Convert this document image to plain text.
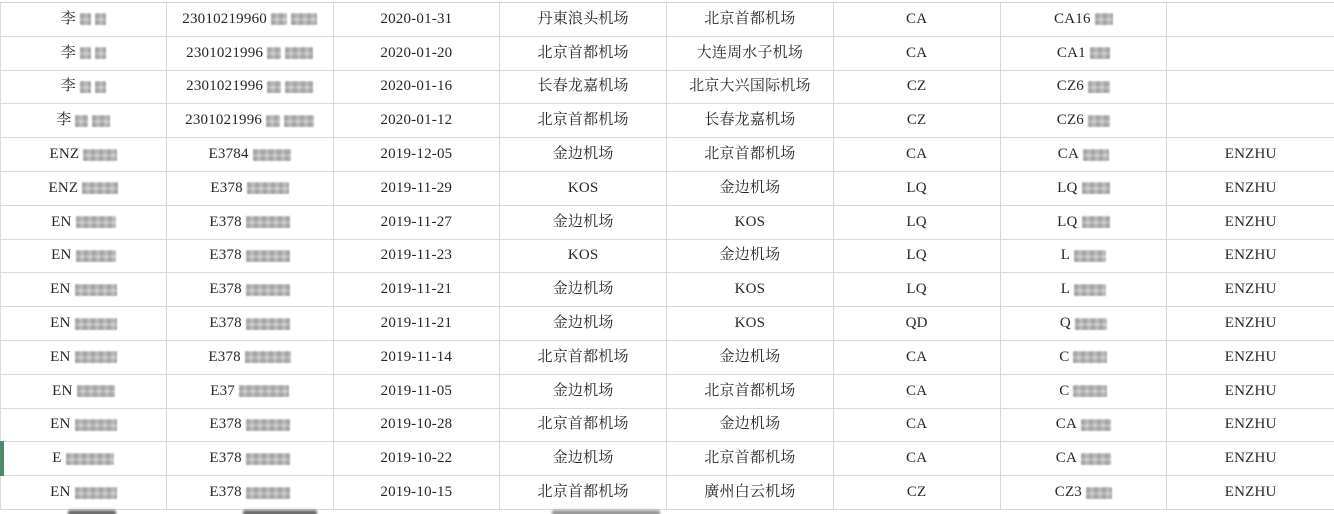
李	23010219960	2020-01-31	丹東浪头机场	北京首都机场	CA	CA16
李	2301021996	2020-01-20	北京首都机场	大连周水子机场	CA	CA1
李	2301021996	2020-01-16	长春龙嘉机场	北京大兴国际机场	CZ	CZ6
李	2301021996	2020-01-12	北京首都机场	长春龙嘉机场	CZ	CZ6
ENZ	E3784	2019-12-05	金边机场	北京首都机场	CA	CA	ENZHU
ENZ	E378	2019-11-29	KOS	金边机场	LQ	LQ	ENZHU
EN	E378	2019-11-27	金边机场	KOS	LQ	LQ	ENZHU
EN	E378	2019-11-23	KOS	金边机场	LQ	L	ENZHU
EN	E378	2019-11-21	金边机场	KOS	LQ	L	ENZHU
EN	E378	2019-11-21	金边机场	KOS	QD	Q	ENZHU
EN	E378	2019-11-14	北京首都机场	金边机场	CA	C	ENZHU
EN	E37	2019-11-05	金边机场	北京首都机场	CA	C	ENZHU
EN	E378	2019-10-28	北京首都机场	金边机场	CA	CA	ENZHU
E	E378	2019-10-22	金边机场	北京首都机场	CA	CA	ENZHU
EN	E378	2019-10-15	北京首都机场	廣州白云机场	CZ	CZ3	ENZHU
